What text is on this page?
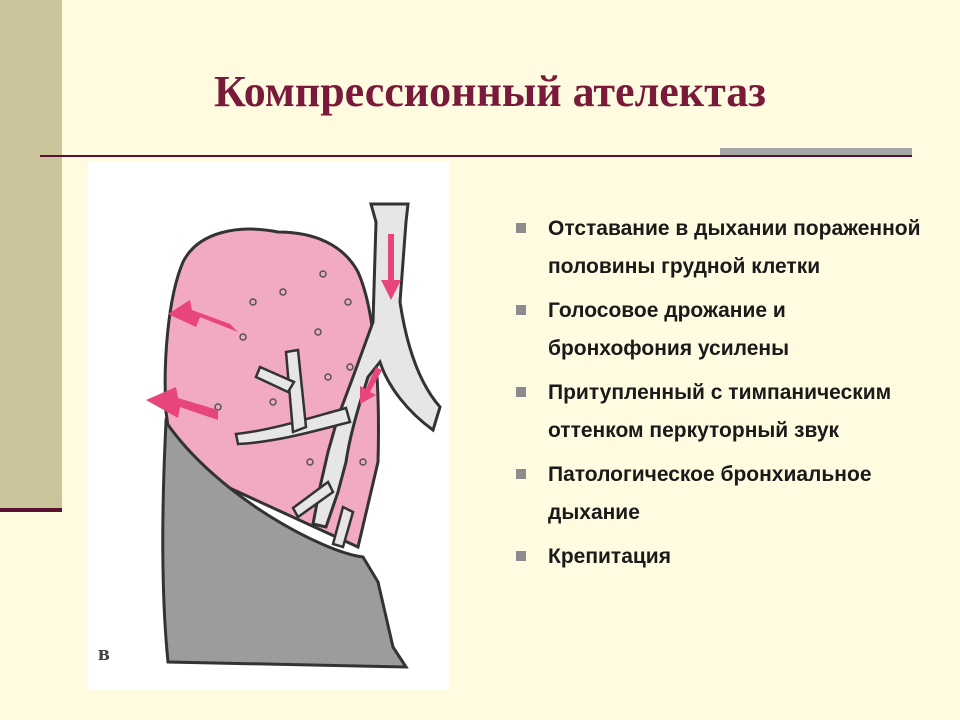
Компрессионный ателектаз
в
Отставание в дыхании пораженной половины грудной клетки
Голосовое дрожание и бронхофония усилены
Притупленный с тимпаническим оттенком перкуторный звук
Патологическое бронхиальное дыхание
Крепитация
